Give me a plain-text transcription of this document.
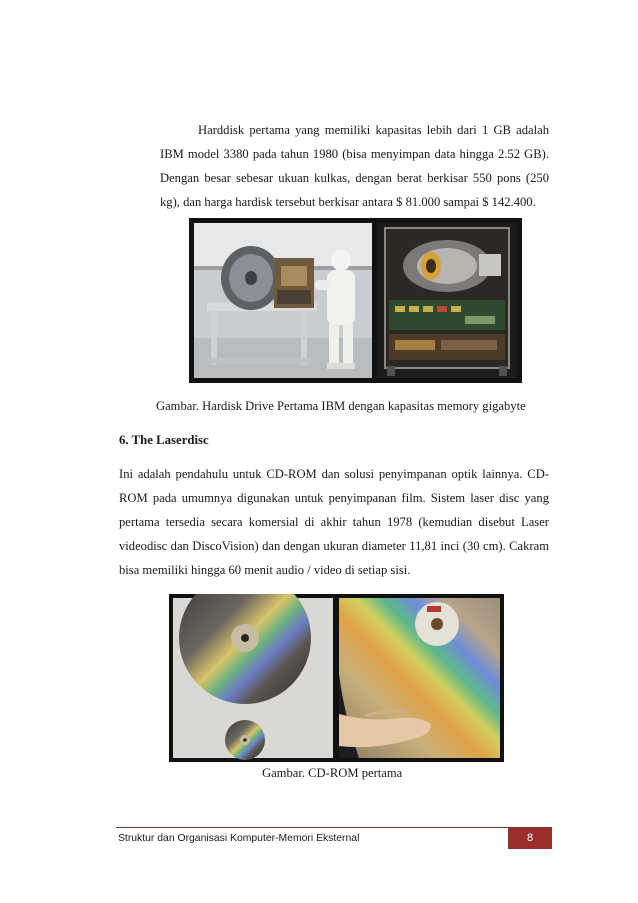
Harddisk pertama yang memiliki kapasitas lebih dari 1 GB adalah IBM model 3380 pada tahun 1980 (bisa menyimpan data hingga 2.52 GB). Dengan besar sebesar ukuan kulkas, dengan berat berkisar 550 pons (250 kg), dan harga hardisk tersebut berkisar antara $ 81.000 sampai $ 142.400.

Gambar. Hardisk Drive Pertama IBM dengan kapasitas memory gigabyte
6. The Laserdisc

Ini adalah pendahulu untuk CD-ROM dan solusi penyimpanan optik lainnya. CD-ROM pada umumnya digunakan untuk penyimpanan film. Sistem laser disc yang pertama tersedia secara komersial di akhir tahun 1978 (kemudian disebut Laser videodisc dan DiscoVision) dan dengan ukuran diameter 11,81 inci (30 cm). Cakram bisa memiliki hingga 60 menit audio / video di setiap sisi.

Gambar. CD-ROM pertama
Struktur dan Organisasi Komputer-Memori Eksternal	8
